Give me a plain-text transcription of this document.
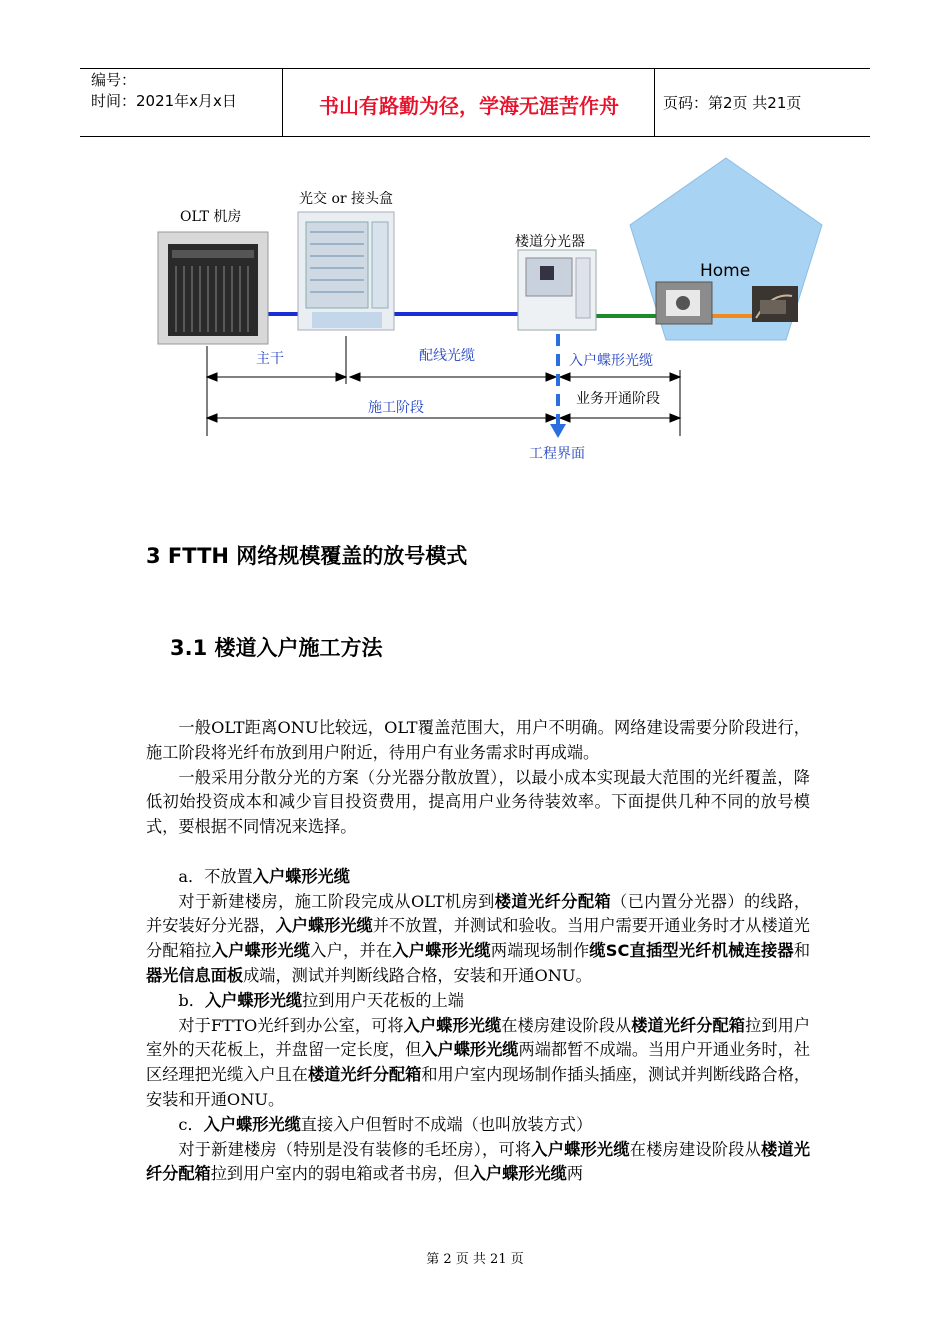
编号：
时间：2021年x月x日	书山有路勤为径，学海无涯苦作舟	页码：第2页 共21页
OLT 机房
光交 or 接头盒
楼道分光器
Home
主干	配线光缆	入户蝶形光缆
施工阶段
业务开通阶段
工程界面
3 FTTH 网络规模覆盖的放号模式
3.1 楼道入户施工方法

一般OLT距离ONU比较远，OLT覆盖范围大，用户不明确。网络建设需要分阶段进行，施工阶段将光纤布放到用户附近，待用户有业务需求时再成端。

一般采用分散分光的方案（分光器分散放置），以最小成本实现最大范围的光纤覆盖，降低初始投资成本和减少盲目投资费用，提高用户业务待装效率。下面提供几种不同的放号模式，要根据不同情况来选择。

a．不放置入户蝶形光缆

对于新建楼房，施工阶段完成从OLT机房到楼道光纤分配箱（已内置分光器）的线路，并安装好分光器，入户蝶形光缆并不放置，并测试和验收。当用户需要开通业务时才从楼道光分配箱拉入户蝶形光缆入户，并在入户蝶形光缆两端现场制作缆SC直插型光纤机械连接器和器光信息面板成端，测试并判断线路合格，安装和开通ONU。

b．入户蝶形光缆拉到用户天花板的上端

对于FTTO光纤到办公室，可将入户蝶形光缆在楼房建设阶段从楼道光纤分配箱拉到用户室外的天花板上，并盘留一定长度，但入户蝶形光缆两端都暂不成端。当用户开通业务时，社区经理把光缆入户且在楼道光纤分配箱和用户室内现场制作插头插座，测试并判断线路合格，安装和开通ONU。

c．入户蝶形光缆直接入户但暂时不成端（也叫放装方式）

对于新建楼房（特别是没有装修的毛坯房），可将入户蝶形光缆在楼房建设阶段从楼道光纤分配箱拉到用户室内的弱电箱或者书房，但入户蝶形光缆两

第 2 页 共 21 页
